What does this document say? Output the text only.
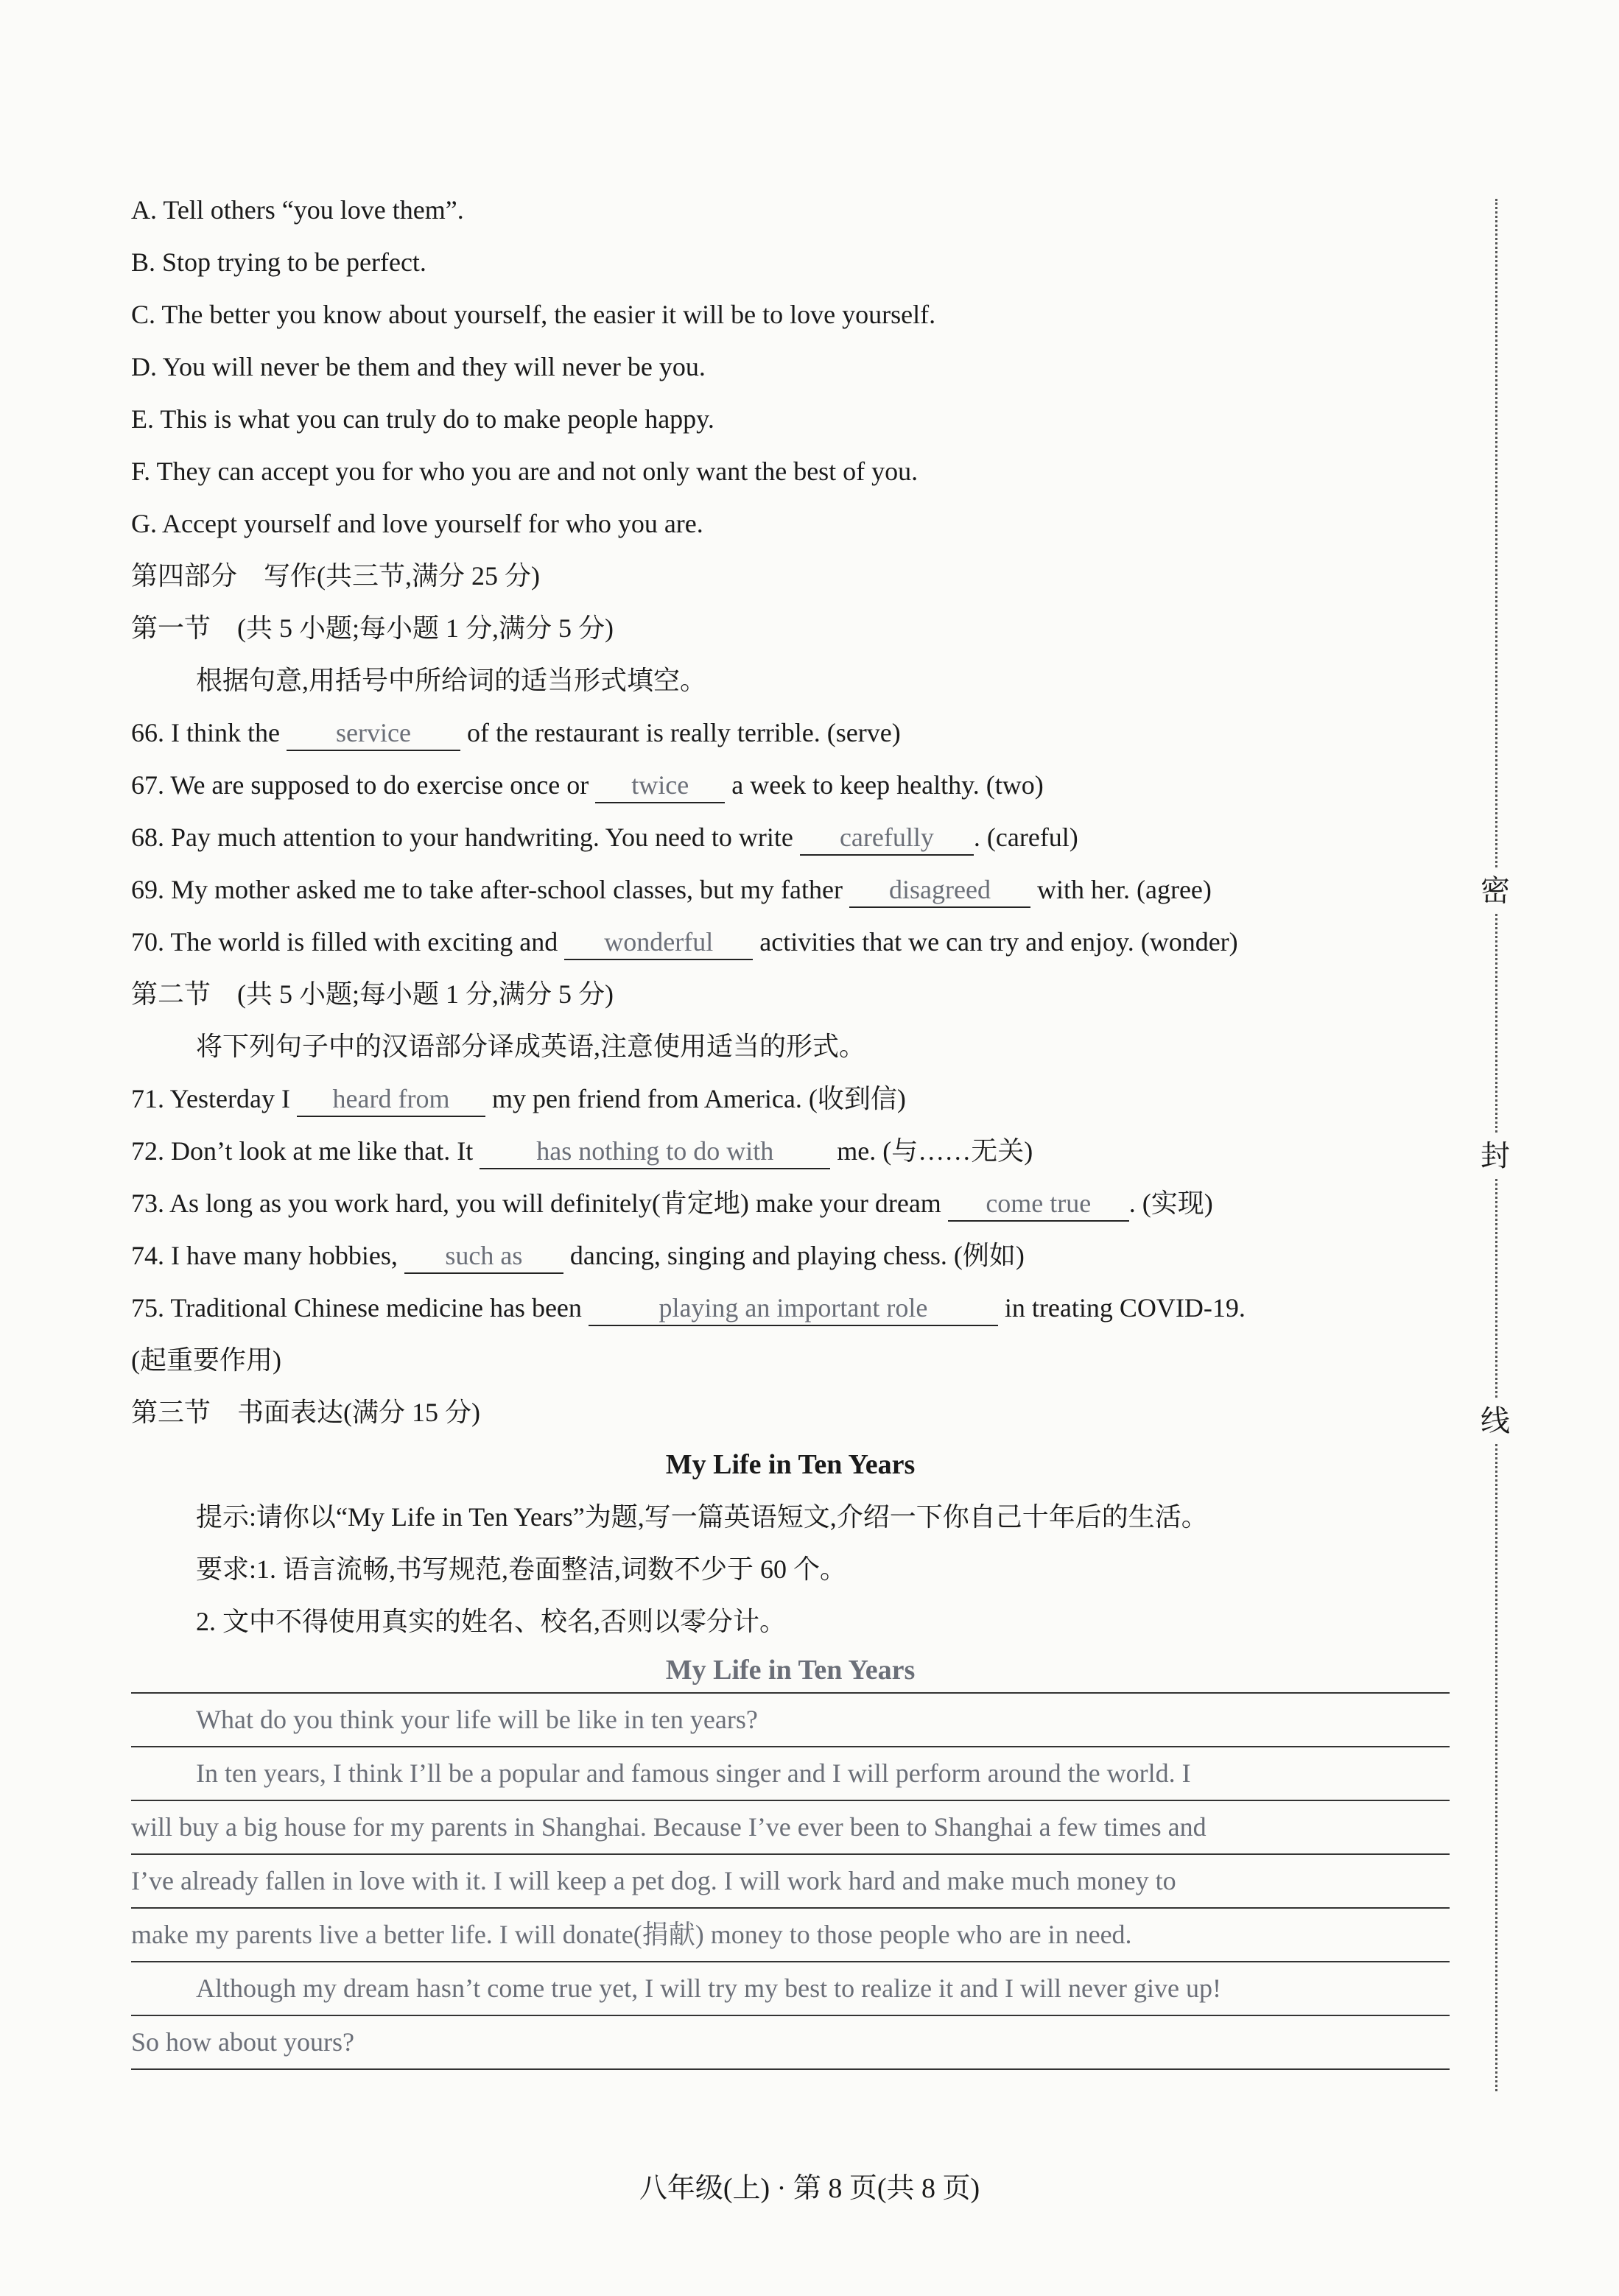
A. Tell others “you love them”.
B. Stop trying to be perfect.
C. The better you know about yourself, the easier it will be to love yourself.
D. You will never be them and they will never be you.
E. This is what you can truly do to make people happy.
F. They can accept you for who you are and not only want the best of you.
G. Accept yourself and love yourself for who you are.
第四部分　写作(共三节,满分 25 分)
第一节　(共 5 小题;每小题 1 分,满分 5 分)
根据句意,用括号中所给词的适当形式填空。
66. I think the service of the restaurant is really terrible. (serve)
67. We are supposed to do exercise once or twice a week to keep healthy. (two)
68. Pay much attention to your handwriting. You need to write carefully . (careful)
69. My mother asked me to take after-school classes, but my father disagreed with her. (agree)
70. The world is filled with exciting and wonderful activities that we can try and enjoy. (wonder)
第二节　(共 5 小题;每小题 1 分,满分 5 分)
将下列句子中的汉语部分译成英语,注意使用适当的形式。
71. Yesterday I heard from my pen friend from America. (收到信)
72. Don’t look at me like that. It has nothing to do with me. (与……无关)
73. As long as you work hard, you will definitely(肯定地) make your dream come true . (实现)
74. I have many hobbies, such as dancing, singing and playing chess. (例如)
75. Traditional Chinese medicine has been	playing an important role	in treating COVID-19.
(起重要作用)
第三节　书面表达(满分 15 分)
My Life in Ten Years
提示:请你以“My Life in Ten Years”为题,写一篇英语短文,介绍一下你自己十年后的生活。
要求:1. 语言流畅,书写规范,卷面整洁,词数不少于 60 个。
2. 文中不得使用真实的姓名、校名,否则以零分计。
My Life in Ten Years
What do you think your life will be like in ten years?
In ten years, I think I’ll be a popular and famous singer and I will perform around the world. I
will buy a big house for my parents in Shanghai. Because I’ve ever been to Shanghai a few times and
I’ve already fallen in love with it. I will keep a pet dog. I will work hard and make much money to
make my parents live a better life. I will donate(捐献) money to those people who are in need.
Although my dream hasn’t come true yet, I will try my best to realize it and I will never give up!
So how about yours?
密
封
线
八年级(上) · 第 8 页(共 8 页)
